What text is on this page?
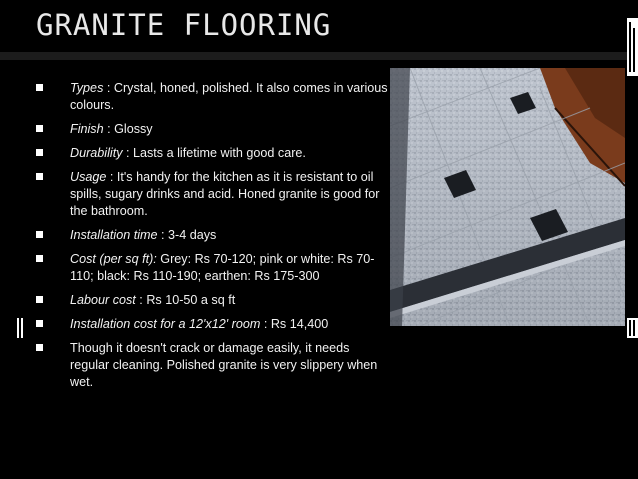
GRANITE FLOORING
Types : Crystal, honed, polished. It also comes in various colours.
Finish : Glossy
Durability : Lasts a lifetime with good care.
Usage : It's handy for the kitchen as it is resistant to oil spills, sugary drinks and acid. Honed granite is good for the bathroom.
Installation time : 3-4 days
Cost (per sq ft): Grey: Rs 70-120; pink or white: Rs 70-110; black: Rs 110-190; earthen: Rs 175-300
Labour cost : Rs 10-50 a sq ft
Installation cost for a 12'x12' room : Rs 14,400
Though it doesn't crack or damage easily, it needs regular cleaning. Polished granite is very slippery when wet.
